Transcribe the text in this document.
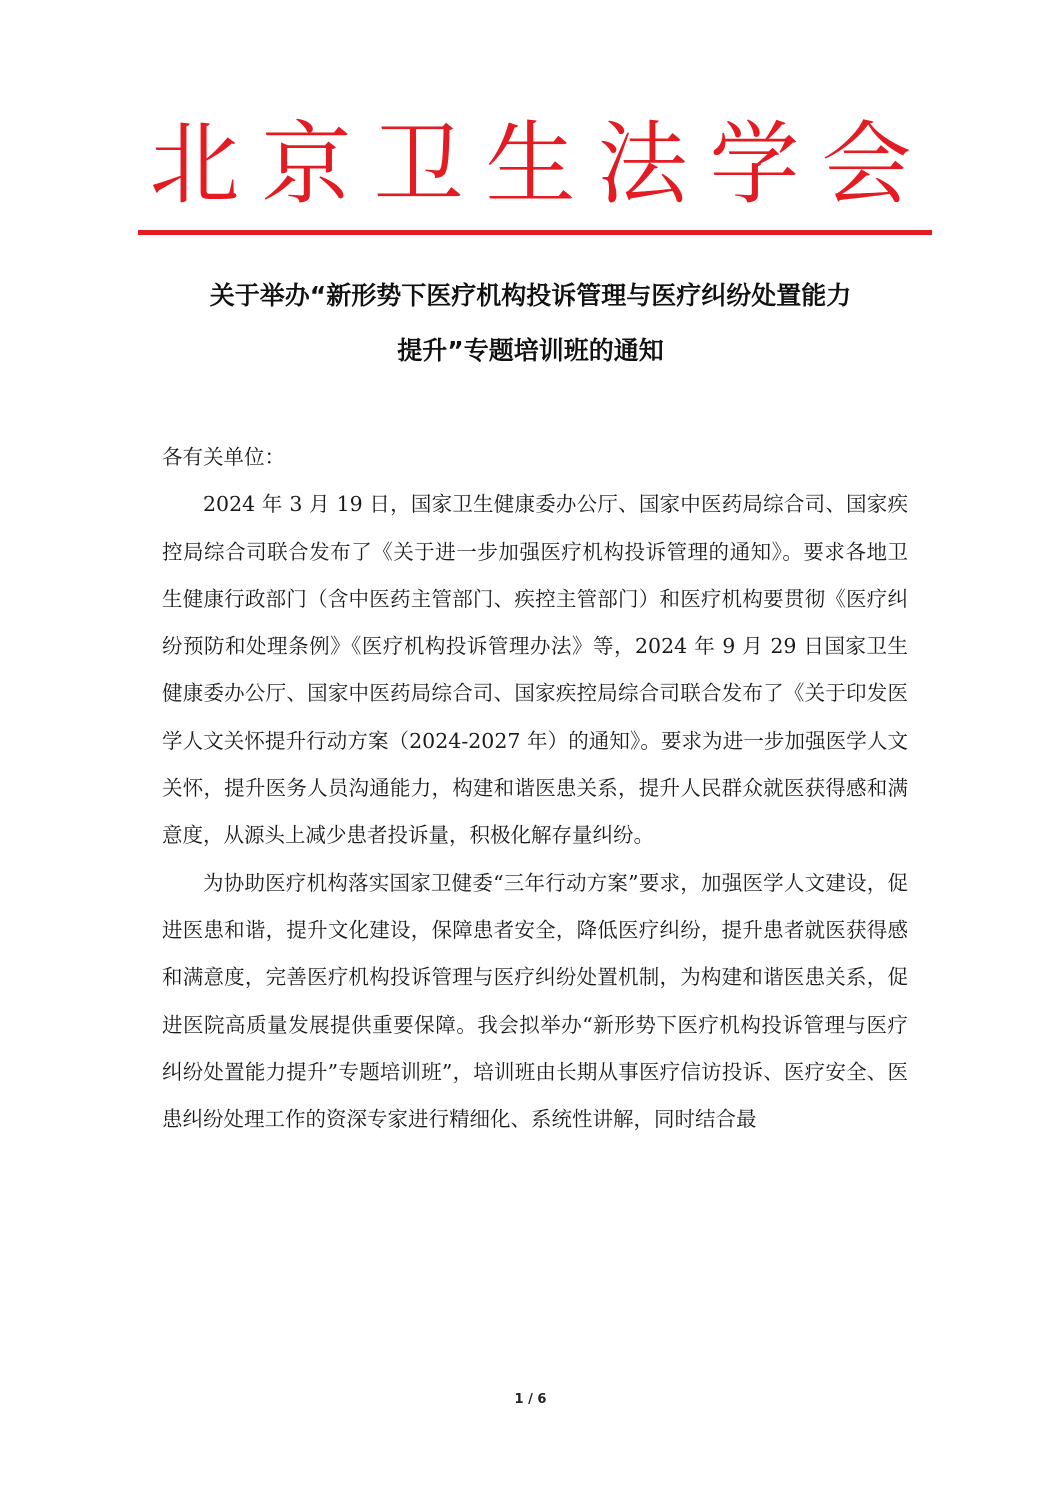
北京卫生法学会
关于举办“新形势下医疗机构投诉管理与医疗纠纷处置能力
提升”专题培训班的通知

各有关单位：

2024 年 3 月 19 日，国家卫生健康委办公厅、国家中医药局综合司、国家疾控局综合司联合发布了《关于进一步加强医疗机构投诉管理的通知》。要求各地卫生健康行政部门（含中医药主管部门、疾控主管部门）和医疗机构要贯彻《医疗纠纷预防和处理条例》《医疗机构投诉管理办法》等，2024 年 9 月 29 日国家卫生健康委办公厅、国家中医药局综合司、国家疾控局综合司联合发布了《关于印发医学人文关怀提升行动方案（2024-2027 年）的通知》。要求为进一步加强医学人文关怀，提升医务人员沟通能力，构建和谐医患关系，提升人民群众就医获得感和满意度，从源头上减少患者投诉量，积极化解存量纠纷。

为协助医疗机构落实国家卫健委“三年行动方案”要求，加强医学人文建设，促进医患和谐，提升文化建设，保障患者安全，降低医疗纠纷，提升患者就医获得感和满意度，完善医疗机构投诉管理与医疗纠纷处置机制，为构建和谐医患关系，促进医院高质量发展提供重要保障。我会拟举办“新形势下医疗机构投诉管理与医疗纠纷处置能力提升”专题培训班”，培训班由长期从事医疗信访投诉、医疗安全、医患纠纷处理工作的资深专家进行精细化、系统性讲解，同时结合最

1 / 6
